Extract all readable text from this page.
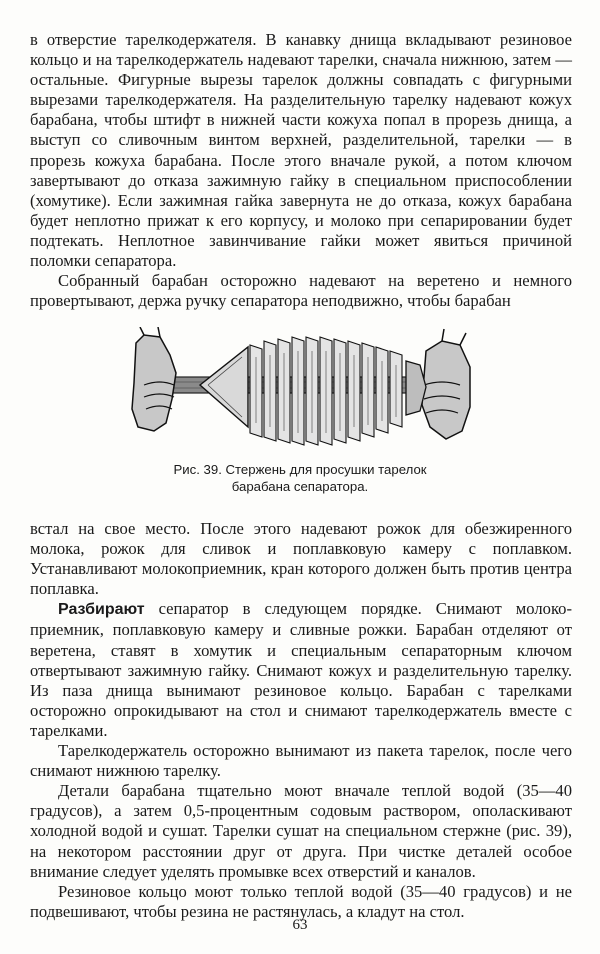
в отверстие тарелкодержателя. В канавку днища вкладывают резиновое кольцо и на тарелкодержатель надевают тарелки, сначала нижнюю, затем — остальные. Фигурные вырезы тарелок должны совпадать с фигурными вырезами тарелкодержателя. На разделительную тарелку надевают кожух барабана, чтобы штифт в нижней части кожуха попал в прорезь днища, а выступ со сливочным винтом верхней, разделительной, тарелки — в прорезь кожуха барабана. После этого вначале рукой, а потом ключом завертывают до отказа зажимную гайку в специальном приспособлении (хомутике). Если зажимная гайка завернута не до отказа, кожух барабана будет неплотно прижат к его корпусу, и молоко при сепарировании будет подтекать. Неплотное завинчивание гайки может явиться причиной поломки сепаратора.

Собранный барабан осторожно надевают на веретено и немного провертывают, держа ручку сепаратора неподвижно, чтобы барабан

Рис. 39. Стержень для просушки тарелок
барабана сепаратора.

встал на свое место. После этого надевают рожок для обезжиренного молока, рожок для сливок и поплавковую камеру с поплавком. Устанавливают молокоприемник, кран которого должен быть против центра поплавка.

Разбирают сепаратор в следующем порядке. Снимают молокоприемник, поплавковую камеру и сливные рожки. Барабан отделяют от веретена, ставят в хомутик и специальным сепараторным ключом отвертывают зажимную гайку. Снимают кожух и разделительную тарелку. Из паза днища вынимают резиновое кольцо. Барабан с тарелками осторожно опрокидывают на стол и снимают тарелкодержатель вместе с тарелками.

Тарелкодержатель осторожно вынимают из пакета тарелок, после чего снимают нижнюю тарелку.

Детали барабана тщательно моют вначале теплой водой (35—40 градусов), а затем 0,5-процентным содовым раствором, ополаскивают холодной водой и сушат. Тарелки сушат на специальном стержне (рис. 39), на некотором расстоянии друг от друга. При чистке деталей особое внимание следует уделять промывке всех отверстий и каналов.

Резиновое кольцо моют только теплой водой (35—40 градусов) и не подвешивают, чтобы резина не растянулась, а кладут на стол.

63
